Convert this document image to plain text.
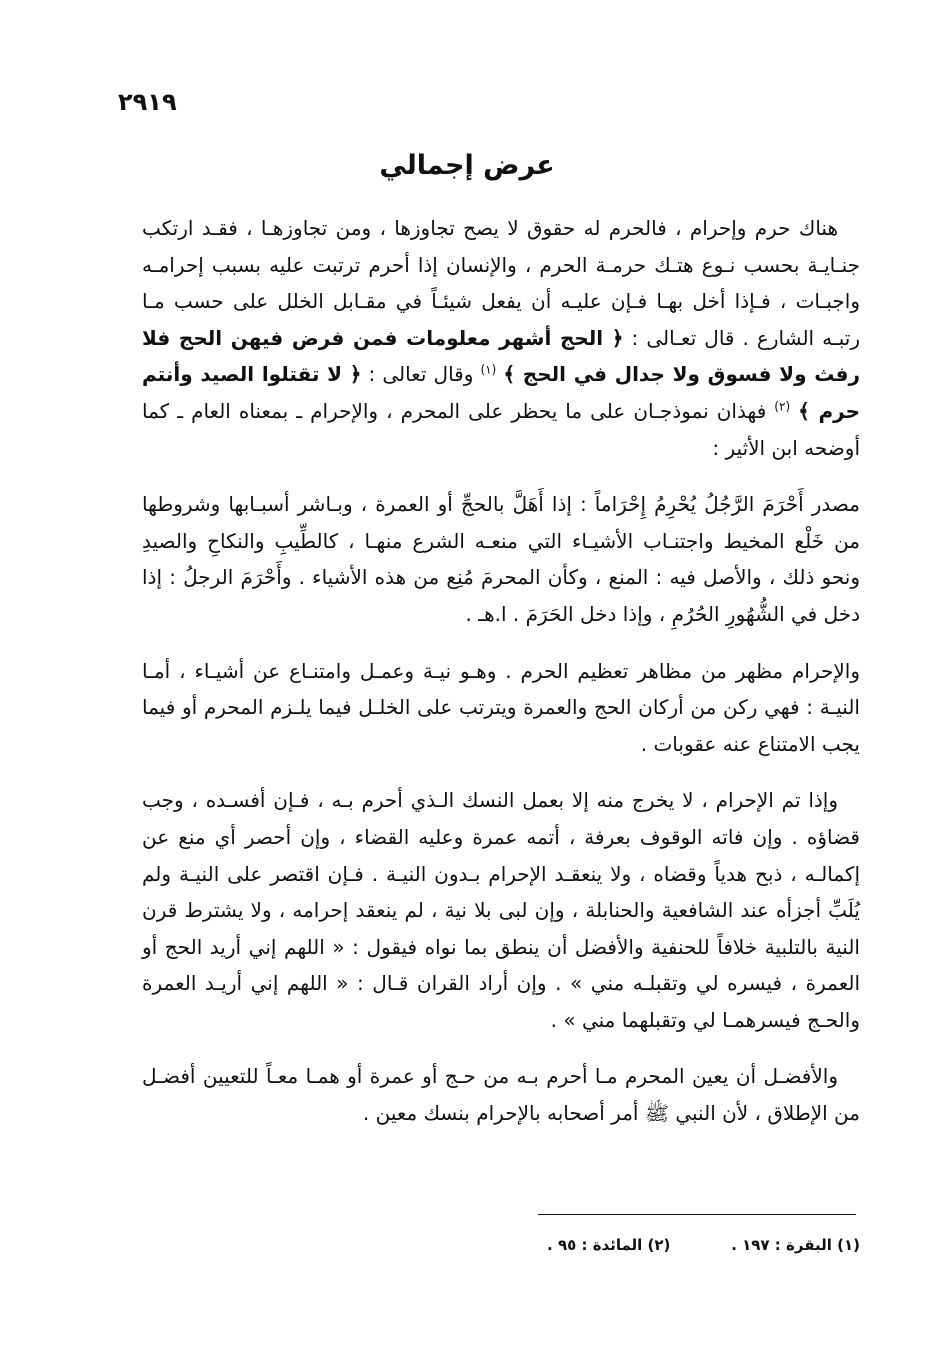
٢٩١٩
عرض إجمالي

هناك حرم وإحرام ، فالحرم له حقوق لا يصح تجاوزها ، ومن تجاوزهـا ، فقـد ارتكب جنـايـة بحسب نـوع هتـك حرمـة الحرم ، والإنسان إذا أحرم ترتبت عليه بسبب إحرامـه واجبـات ، فـإذا أخل بهـا فـإن عليـه أن يفعل شيئـاً في مقـابل الخلل على حسب مـا رتبـه الشارع . قال تعـالى : ﴿ الحج أشهر معلومات فمن فرض فيهن الحج فلا رفث ولا فسوق ولا جدال في الحج ﴾ $^{(١)}$ وقال تعالى : ﴿ لا تقتلوا الصيد وأنتم حرم ﴾ $^{(٢)}$ فهذان نموذجـان على ما يحظر على المحرم ، والإحرام ـ بمعناه العام ـ كما أوضحه ابن الأثير :

مصدر أَحْرَمَ الرَّجُلُ يُحْرِمُ إِحْرَاماً : إذا أَهَلَّ بالحجِّ أو العمرة ، وبـاشر أسبـابها وشروطها من خَلْع المخيط واجتنـاب الأشيـاء التي منعـه الشرع منهـا ، كالطِّيبِ والنكاحِ والصيدِ ونحو ذلك ، والأصل فيه : المنع ، وكأن المحرمَ مُنِع من هذه الأشياء . وأَحْرَمَ الرجلُ : إذا دخل في الشُّهُورِ الحُرُمِ ، وإذا دخل الحَرَمَ . ا.هـ .

والإحرام مظهر من مظاهر تعظيم الحرم . وهـو نيـة وعمـل وامتنـاع عن أشيـاء ، أمـا النيـة : فهي ركن من أركان الحج والعمرة ويترتب على الخلـل فيما يلـزم المحرم أو فيما يجب الامتناع عنه عقوبات .

وإذا تم الإحرام ، لا يخرج منه إلا بعمل النسك الـذي أحرم بـه ، فـإن أفسـده ، وجب قضاؤه . وإن فاته الوقوف بعرفة ، أتمه عمرة وعليه القضاء ، وإن أحصر أي منع عن إكمالـه ، ذبح هدياً وقضاه ، ولا ينعقـد الإحرام بـدون النيـة . فـإن اقتصر على النيـة ولم يُلَبِّ أجزأه عند الشافعية والحنابلة ، وإن لبى بلا نية ، لم ينعقد إحرامه ، ولا يشترط قرن النية بالتلبية خلافاً للحنفية والأفضل أن ينطق بما نواه فيقول : « اللهم إني أريد الحج أو العمرة ، فيسره لي وتقبلـه مني » . وإن أراد القران قـال : « اللهم إني أريـد العمرة والحـج فيسرهمـا لي وتقبلهما مني » .

والأفضـل أن يعين المحرم مـا أحرم بـه من حـج أو عمرة أو همـا معـاً للتعيين أفضـل من الإطلاق ، لأن النبي ﷺ أمر أصحابه بالإحرام بنسك معين .

(١) البقرة : ١٩٧ . (٢) المائدة : ٩٥ .
